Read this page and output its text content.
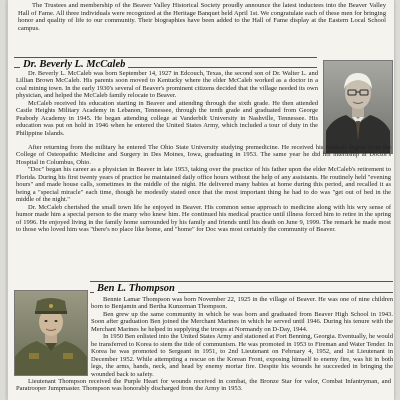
The Trustees and membership of the Beaver Valley Historical Society proudly announce the latest inductees into the Beaver Valley Hall of Fame. All three individuals were recognized at the Heritage Banquet held April 1st. We congratulate each of these men for bringing honor and quality of life to our community. Their biographies have been added to the Hall of Fame display at the Eastern Local School campus.
Dr. Beverly L. McCaleb

Dr. Beverly L. McCaleb was born September 14, 1927 in Edcouch, Texas, the second son of Dr. Walter L. and Lillian Brown McCaleb. His parents soon moved to Kentucky where the elder McCaleb worked as a doctor in a coal mining town. In the early 1930's several of Beaver's prominent citizens decided that the village needed its own physician, and helped the McCaleb family relocate to Beaver.

McCaleb received his education starting in Beaver and attending through the sixth grade. He then attended Castle Heights Military Academy in Lebanon, Tennessee, through the tenth grade and graduated from George Peabody Academy in 1945. He began attending college at Vanderbilt University in Nashville, Tennessee. His education was put on hold in 1946 when he entered the United States Army, which included a tour of duty in the Philippine Islands.

After returning from the military he entered The Ohio State University studying premedicine. He received his medical degree from the College of Osteopathic Medicine and Surgery in Des Moines, Iowa, graduating in 1953. The same year he did his internship at Doctor's Hospital in Columbus, Ohio.

"Doc" began his career as a physician in Beaver in late 1953, taking over the practice of his father upon the elder McCaleb's retirement to Florida. During his first twenty years of practice he maintained daily office hours without the help of any assistants. He routinely held "evening hours" and made house calls, sometimes in the middle of the night. He delivered many babies at home during this period, and recalled it as being a "special miracle" each time, though he modestly stated once that the most important thing he had to do was "get out of bed in the middle of the night."

Dr. McCaleb cherished the small town life he enjoyed in Beaver. His common sense approach to medicine along with his wry sense of humor made him a special person to the many who knew him. He continued his medical practice until illness forced him to retire in the spring of 1996. He enjoyed living in the family home surrounded by his family and friends until his death on June 9, 1999. The remark he made most to those who loved him was "there's no place like home, and "home" for Doc was most certainly the community of Beaver.

Ben L. Thompson

Bennie Lamar Thompson was born November 22, 1925 in the village of Beaver. He was one of nine children born to Benjamin and Bertha Kunzeman Thompson.

Ben grew up the same community in which he was born and graduated from Beaver High School in 1943. Soon after graduation Ben joined the Merchant Marines in which he served until 1946. During his tenure with the Merchant Marines he helped in supplying the troops at Normandy on D-Day, 1944.

In 1950 Ben enlisted into the United States Army and stationed at Fort Benning, Georgia. Eventually, he would be transferred to Korea to stem the tide of communism. He was promoted in 1953 to Fireman and Water Tender. In Korea he was promoted to Sergeant in 1951, to 2nd Lieutenant on February 4, 1952, and 1st Lieutenant in December 1952. While attempting a rescue on the Korean Front, exposing himself to enemy fire, was hit in both legs, the arms, hands, neck, and head by enemy mortar fire. Despite his wounds he succeeded in bringing the wounded back to safety.

Lieutenant Thompson received the Purple Heart for wounds received in combat, the Bronze Star for valor, Combat Infantryman, and Paratrooper Jumpmaster. Thompson was honorably discharged from the Army in 1953.
